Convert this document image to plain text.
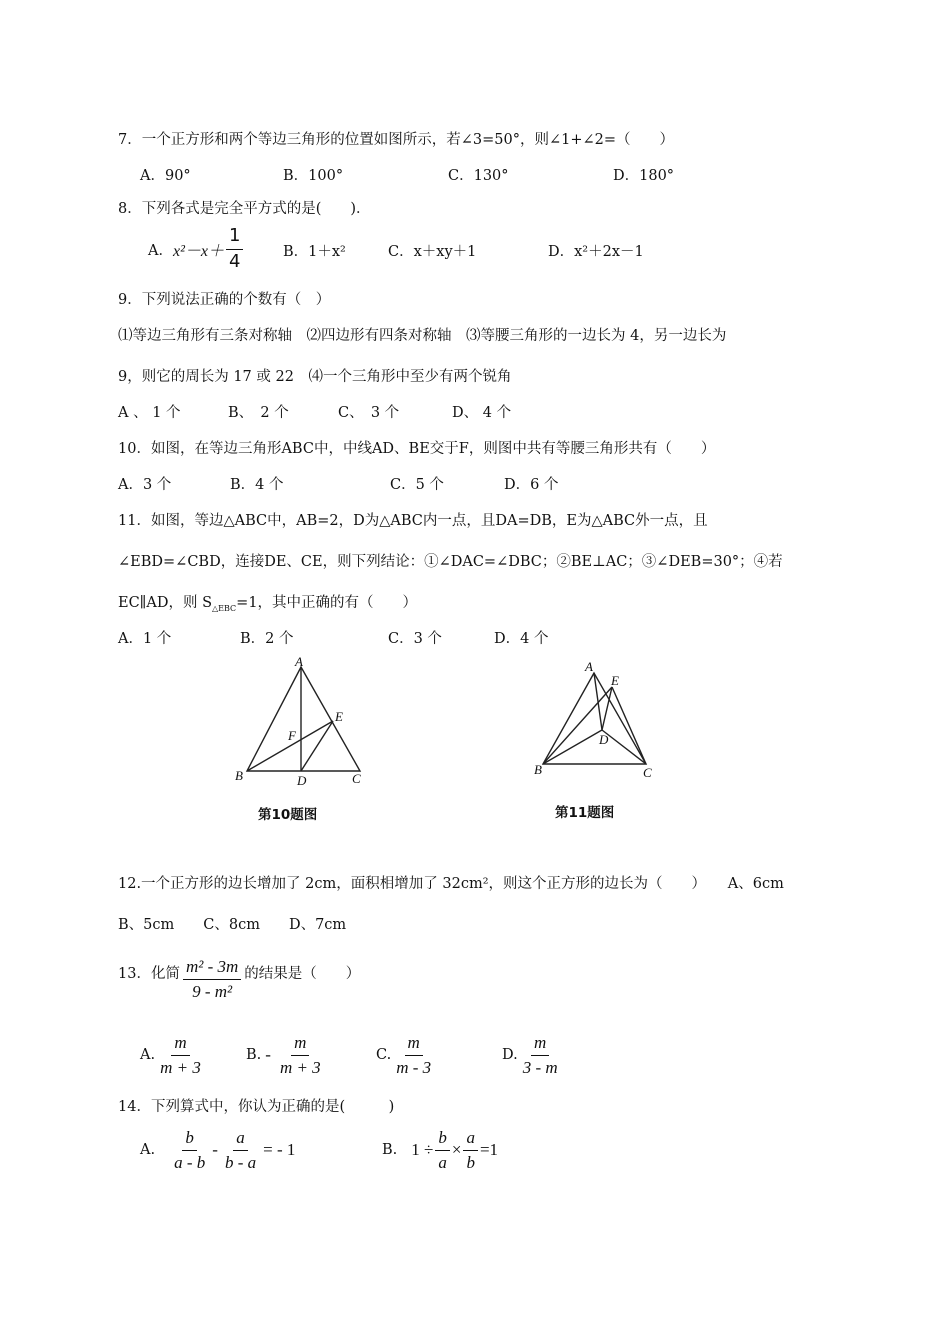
7．一个正方形和两个等边三角形的位置如图所示，若∠3=50°，则∠1+∠2=（　　）
A．90°	B．100°	C．130°	D．180°
8．下列各式是完全平方式的是(　　)．
A． $x^2-x+ \frac{1}{4}$	B．1＋x²	C．x＋xy＋1	D．x²＋2x－1
9．下列说法正确的个数有（　）
⑴等边三角形有三条对称轴　⑵四边形有四条对称轴　⑶等腰三角形的一边长为 4，另一边长为
9，则它的周长为 17 或 22　⑷一个三角形中至少有两个锐角
A 、 1 个	B、　2 个	C、　3 个	D、 4 个
10．如图，在等边三角形ABC中，中线AD、BE交于F，则图中共有等腰三角形共有（　　）
A．3 个	B．4 个	C．5 个	D．6 个
11．如图，等边△ABC中，AB=2，D为△ABC内一点，且DA=DB，E为△ABC外一点，且
∠EBD=∠CBD，连接DE、CE，则下列结论：①∠DAC=∠DBC；②BE⊥AC；③∠DEB=30°；④若
EC∥AD，则 $S_{\triangle EBC}=1$，其中正确的有（　　）
A．1 个	B．2 个	C．3 个	D．4 个
A
B	C
D
E
F
第10题图
A
B	C
D
E
第11题图
12.一个正方形的边长增加了 2cm，面积相增加了 32cm²，则这个正方形的边长为（　　）　　A、6cm
B、5cm　　C、8cm　　D、7cm
13．化简 $\frac{\text{m² - 3m}}{\text{9 - m²}}$ 的结果是（　　）
A. $\frac{m}{m + 3}$	B. - $\frac{m}{m + 3}$	C. $\frac{m}{m - 3}$	D. $\frac{m}{3 - m}$
14．下列算式中，你认为正确的是(　　　)
A. $\frac{b}{a - b} - \frac{a}{b - a}$ = - 1	B. $1 \div \frac{b}{a} \times \frac{a}{b} =1$
